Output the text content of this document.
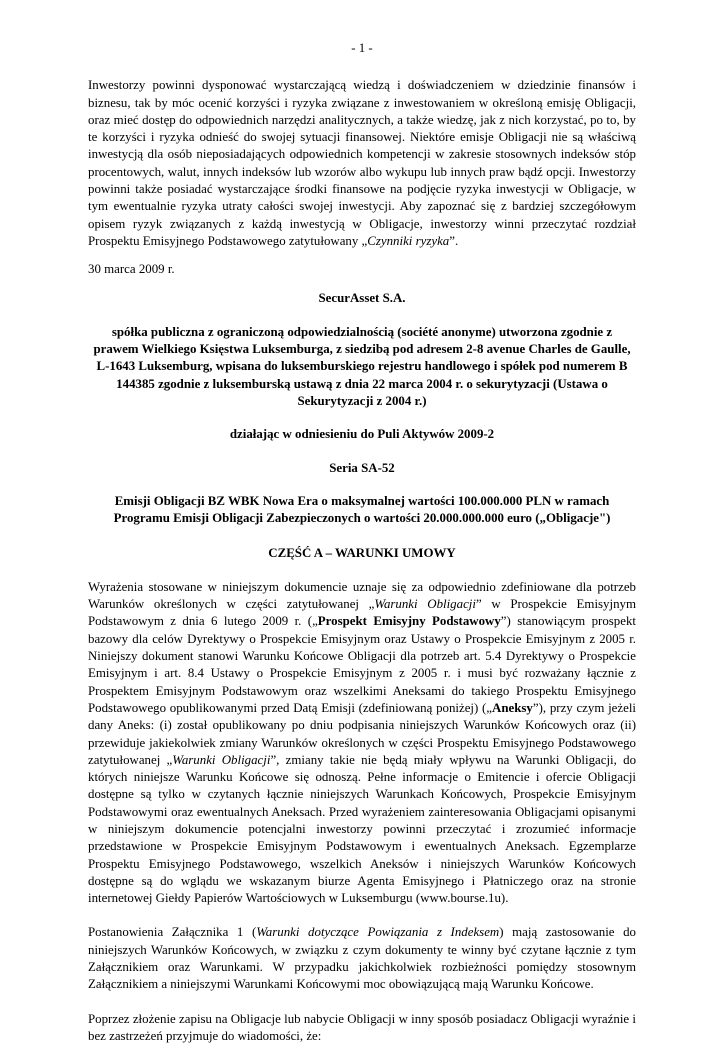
- 1 -

Inwestorzy powinni dysponować wystarczającą wiedzą i doświadczeniem w dziedzinie finansów i biznesu, tak by móc ocenić korzyści i ryzyka związane z inwestowaniem w określoną emisję Obligacji, oraz mieć dostęp do odpowiednich narzędzi analitycznych, a także wiedzę, jak z nich korzystać, po to, by te korzyści i ryzyka odnieść do swojej sytuacji finansowej. Niektóre emisje Obligacji nie są właściwą inwestycją dla osób nieposiadających odpowiednich kompetencji w zakresie stosownych indeksów stóp procentowych, walut, innych indeksów lub wzorów albo wykupu lub innych praw bądź opcji. Inwestorzy powinni także posiadać wystarczające środki finansowe na podjęcie ryzyka inwestycji w Obligacje, w tym ewentualnie ryzyka utraty całości swojej inwestycji. Aby zapoznać się z bardziej szczegółowym opisem ryzyk związanych z każdą inwestycją w Obligacje, inwestorzy winni przeczytać rozdział Prospektu Emisyjnego Podstawowego zatytułowany „Czynniki ryzyka”.

30 marca 2009 r.

SecurAsset S.A.

spółka publiczna z ograniczoną odpowiedzialnością (société anonyme) utworzona zgodnie z prawem Wielkiego Księstwa Luksemburga, z siedzibą pod adresem 2-8 avenue Charles de Gaulle, L-1643 Luksemburg, wpisana do luksemburskiego rejestru handlowego i spółek pod numerem B 144385 zgodnie z luksemburską ustawą z dnia 22 marca 2004 r. o sekurytyzacji (Ustawa o Sekurytyzacji z 2004 r.)

działając w odniesieniu do Puli Aktywów 2009-2

Seria SA-52

Emisji Obligacji BZ WBK Nowa Era o maksymalnej wartości 100.000.000 PLN w ramach Programu Emisji Obligacji Zabezpieczonych o wartości 20.000.000.000 euro („Obligacje")

CZĘŚĆ A – WARUNKI UMOWY

Wyrażenia stosowane w niniejszym dokumencie uznaje się za odpowiednio zdefiniowane dla potrzeb Warunków określonych w części zatytułowanej „Warunki Obligacji” w Prospekcie Emisyjnym Podstawowym z dnia 6 lutego 2009 r. („Prospekt Emisyjny Podstawowy”) stanowiącym prospekt bazowy dla celów Dyrektywy o Prospekcie Emisyjnym oraz Ustawy o Prospekcie Emisyjnym z 2005 r. Niniejszy dokument stanowi Warunku Końcowe Obligacji dla potrzeb art. 5.4 Dyrektywy o Prospekcie Emisyjnym i art. 8.4 Ustawy o Prospekcie Emisyjnym z 2005 r. i musi być rozważany łącznie z Prospektem Emisyjnym Podstawowym oraz wszelkimi Aneksami do takiego Prospektu Emisyjnego Podstawowego opublikowanymi przed Datą Emisji (zdefiniowaną poniżej) („Aneksy”), przy czym jeżeli dany Aneks: (i) został opublikowany po dniu podpisania niniejszych Warunków Końcowych oraz (ii) przewiduje jakiekolwiek zmiany Warunków określonych w części Prospektu Emisyjnego Podstawowego zatytułowanej „Warunki Obligacji”, zmiany takie nie będą miały wpływu na Warunki Obligacji, do których niniejsze Warunku Końcowe się odnoszą. Pełne informacje o Emitencie i ofercie Obligacji dostępne są tylko w czytanych łącznie niniejszych Warunkach Końcowych, Prospekcie Emisyjnym Podstawowymi oraz ewentualnych Aneksach. Przed wyrażeniem zainteresowania Obligacjami opisanymi w niniejszym dokumencie potencjalni inwestorzy powinni przeczytać i zrozumieć informacje przedstawione w Prospekcie Emisyjnym Podstawowym i ewentualnych Aneksach. Egzemplarze Prospektu Emisyjnego Podstawowego, wszelkich Aneksów i niniejszych Warunków Końcowych dostępne są do wglądu we wskazanym biurze Agenta Emisyjnego i Płatniczego oraz na stronie internetowej Giełdy Papierów Wartościowych w Luksemburgu (www.bourse.1u).

Postanowienia Załącznika 1 (Warunki dotyczące Powiązania z Indeksem) mają zastosowanie do niniejszych Warunków Końcowych, w związku z czym dokumenty te winny być czytane łącznie z tym Załącznikiem oraz Warunkami. W przypadku jakichkolwiek rozbieżności pomiędzy stosownym Załącznikiem a niniejszymi Warunkami Końcowymi moc obowiązującą mają Warunku Końcowe.

Poprzez złożenie zapisu na Obligacje lub nabycie Obligacji w inny sposób posiadacz Obligacji wyraźnie i bez zastrzeżeń przyjmuje do wiadomości, że:
